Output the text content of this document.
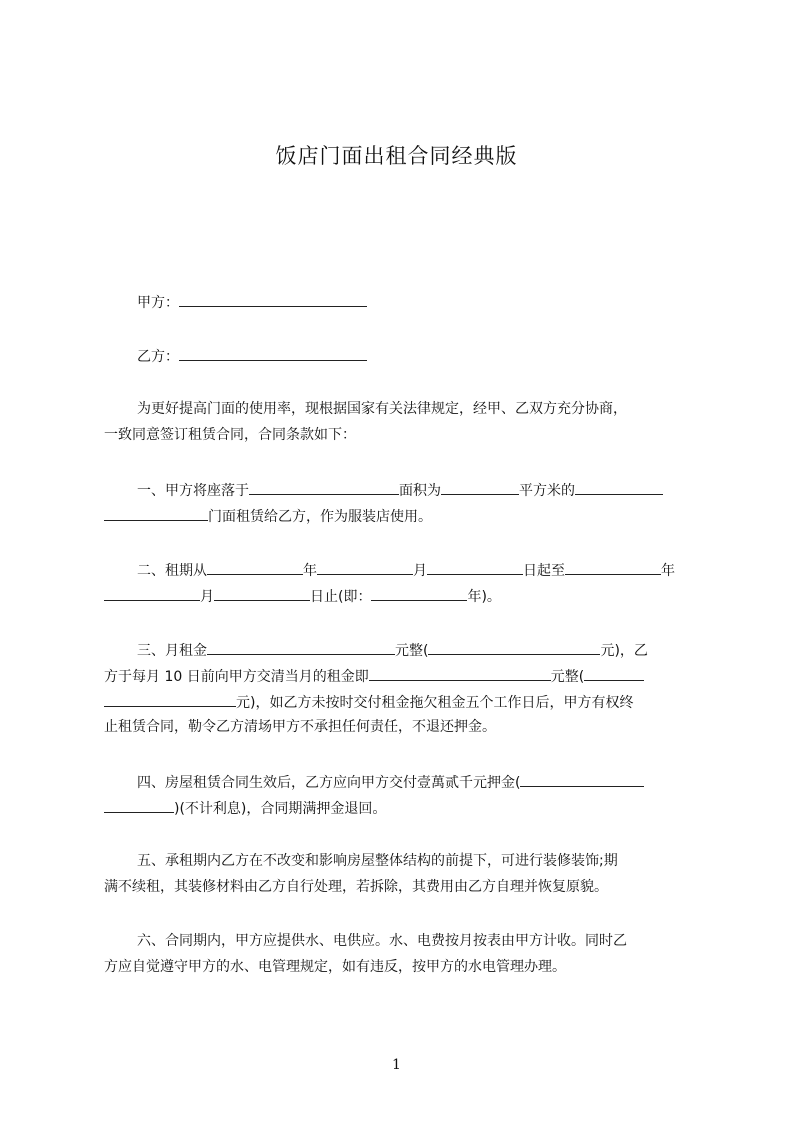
饭店门面出租合同经典版
甲方：
乙方：
为更好提高门面的使用率，现根据国家有关法律规定，经甲、乙双方充分协商，
一致同意签订租赁合同，合同条款如下：
一、甲方将座落于	面积为	平方米的
门面租赁给乙方，作为服装店使用。
二、租期从	年	月	日起至	年
月	日止(即：	年)。
三、月租金	元整(	元)，乙
方于每月 10 日前向甲方交清当月的租金即	元整(
元)，如乙方未按时交付租金拖欠租金五个工作日后，甲方有权终
止租赁合同，勒令乙方清场甲方不承担任何责任，不退还押金。
四、房屋租赁合同生效后，乙方应向甲方交付壹萬贰千元押金(
)(不计利息)，合同期满押金退回。
五、承租期内乙方在不改变和影响房屋整体结构的前提下，可进行装修装饰;期
满不续租，其装修材料由乙方自行处理，若拆除，其费用由乙方自理并恢复原貌。
六、合同期内，甲方应提供水、电供应。水、电费按月按表由甲方计收。同时乙
方应自觉遵守甲方的水、电管理规定，如有违反，按甲方的水电管理办理。
1
